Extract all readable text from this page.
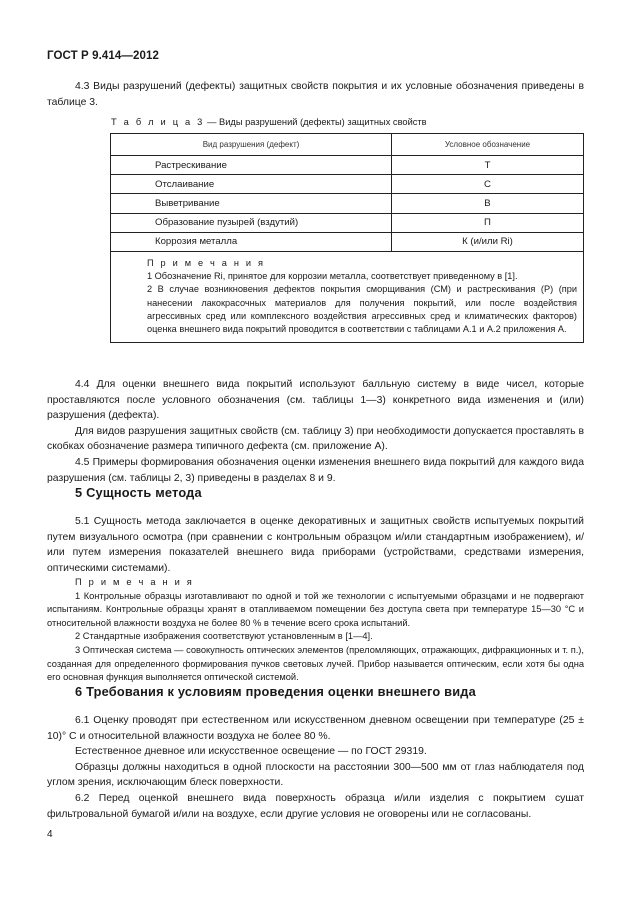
ГОСТ Р 9.414—2012

4.3 Виды разрушений (дефекты) защитных свойств покрытия и их условные обозначения приведены в таблице 3.

Т а б л и ц а 3 — Виды разрушений (дефекты) защитных свойств
Вид разрушения (дефект)	Условное обозначение
Растрескивание	Т
Отслаивание	С
Выветривание	В
Образование пузырей (вздутий)	П
Коррозия металла	К (и/или Ri)

П р и м е ч а н и я
1 Обозначение Ri, принятое для коррозии металла, соответствует приведенному в [1].
2 В случае возникновения дефектов покрытия сморщивания (СМ) и растрескивания (Р) (при нанесении лакокрасочных материалов для получения покрытий, или после воздействия агрессивных сред или комплексного воздействия агрессивных сред и климатических факторов) оценка внешнего вида покрытий проводится в соответствии с таблицами А.1 и А.2 приложения А.	

4.4 Для оценки внешнего вида покрытий используют балльную систему в виде чисел, которые проставляются после условного обозначения (см. таблицы 1—3) конкретного вида изменения и (или) разрушения (дефекта).

Для видов разрушения защитных свойств (см. таблицу 3) при необходимости допускается проставлять в скобках обозначение размера типичного дефекта (см. приложение А).

4.5 Примеры формирования обозначения оценки изменения внешнего вида покрытий для каждого вида разрушения (см. таблицы 2, 3) приведены в разделах 8 и 9.

5 Сущность метода

5.1 Сущность метода заключается в оценке декоративных и защитных свойств испытуемых покрытий путем визуального осмотра (при сравнении с контрольным образцом и/или стандартным изображением), и/или путем измерения показателей внешнего вида приборами (устройствами, средствами измерения, оптическими системами).

П р и м е ч а н и я

1 Контрольные образцы изготавливают по одной и той же технологии с испытуемыми образцами и не подвергают испытаниям. Контрольные образцы хранят в отапливаемом помещении без доступа света при температуре 15—30 °С и относительной влажности воздуха не более 80 % в течение всего срока испытаний.

2 Стандартные изображения соответствуют установленным в [1—4].

3 Оптическая система — совокупность оптических элементов (преломляющих, отражающих, дифракционных и т. п.), созданная для определенного формирования пучков световых лучей. Прибор называется оптическим, если хотя бы одна его основная функция выполняется оптической системой.

6 Требования к условиям проведения оценки внешнего вида

6.1 Оценку проводят при естественном или искусственном дневном освещении при температуре (25 ± 10)° С и относительной влажности воздуха не более 80 %.

Естественное дневное или искусственное освещение — по ГОСТ 29319.

Образцы должны находиться в одной плоскости на расстоянии 300—500 мм от глаз наблюдателя под углом зрения, исключающим блеск поверхности.

6.2 Перед оценкой внешнего вида поверхность образца и/или изделия с покрытием сушат фильтровальной бумагой и/или на воздухе, если другие условия не оговорены или не согласованы.

4
